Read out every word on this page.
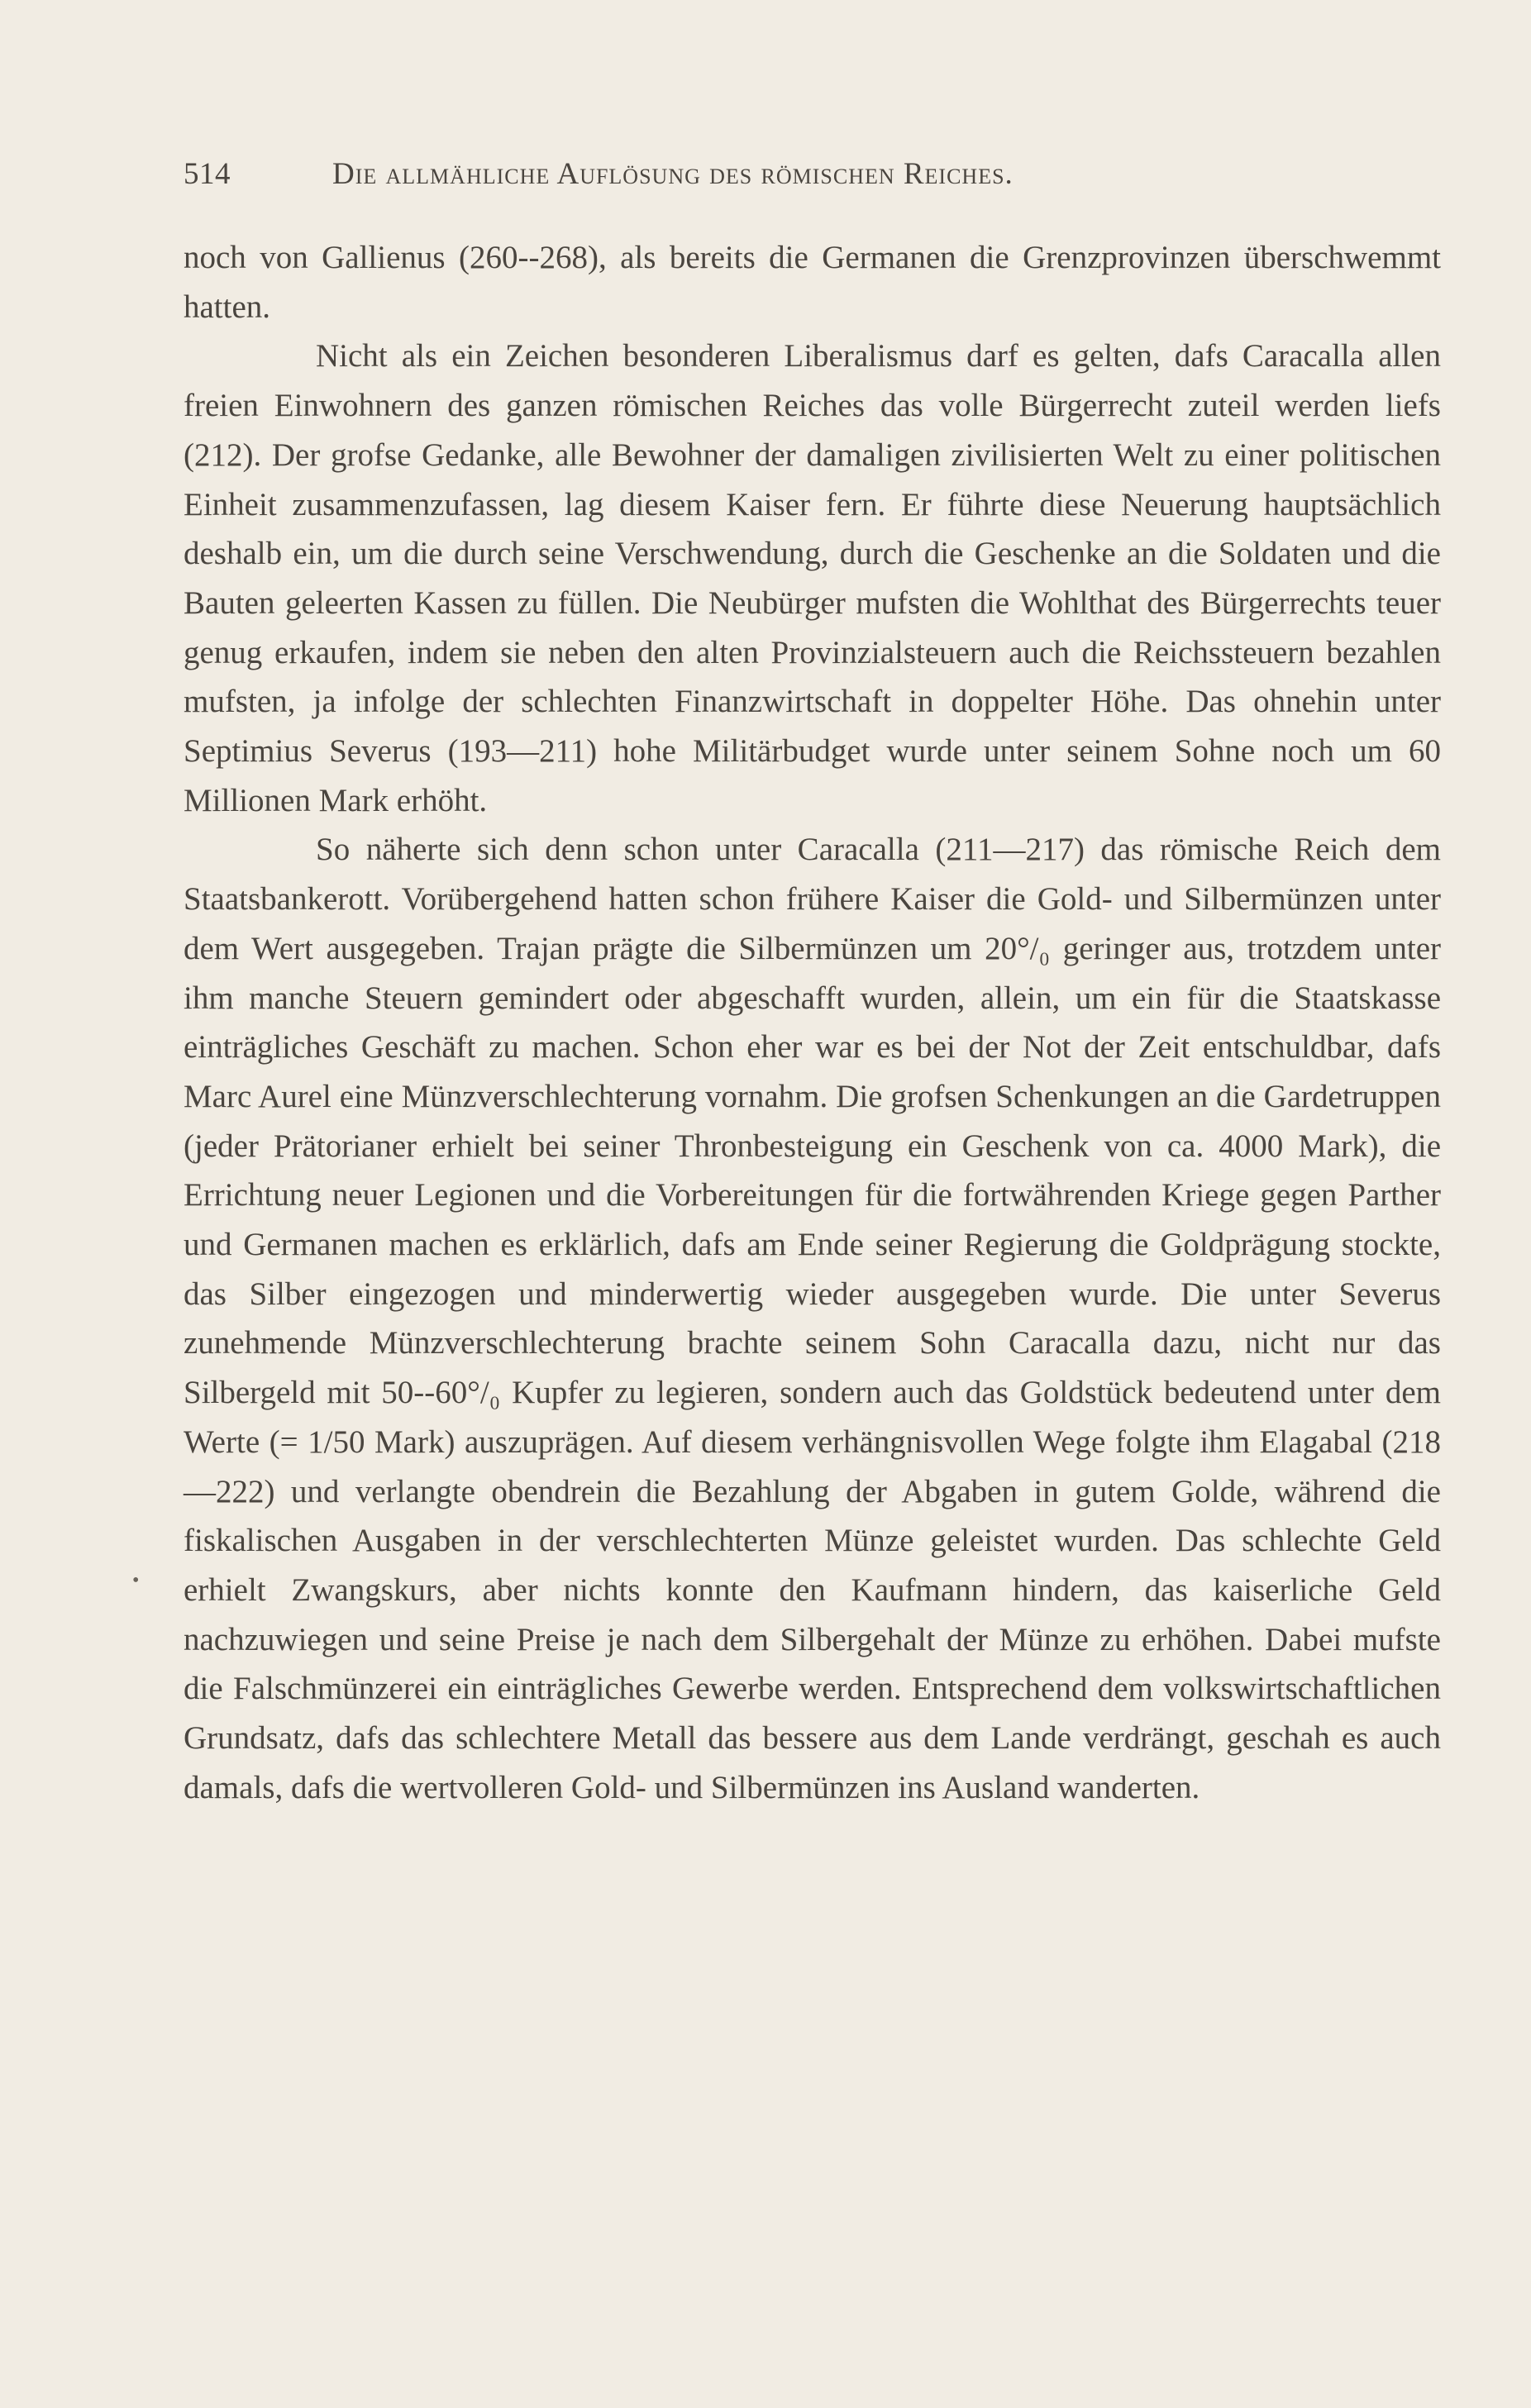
514	Die allmähliche Auflösung des römischen Reiches.

noch von Gallienus (260--268), als bereits die Germanen die Grenzprovinzen überschwemmt hatten.

Nicht als ein Zeichen besonderen Liberalismus darf es gelten, dafs Caracalla allen freien Einwohnern des ganzen römischen Reiches das volle Bürgerrecht zuteil werden liefs (212). Der grofse Gedanke, alle Bewohner der damaligen zivilisierten Welt zu einer politischen Einheit zusammenzufassen, lag diesem Kaiser fern. Er führte diese Neuerung hauptsächlich deshalb ein, um die durch seine Verschwendung, durch die Geschenke an die Soldaten und die Bauten geleerten Kassen zu füllen. Die Neubürger mufsten die Wohlthat des Bürgerrechts teuer genug erkaufen, indem sie neben den alten Provinzialsteuern auch die Reichssteuern bezahlen mufsten, ja infolge der schlechten Finanzwirtschaft in doppelter Höhe. Das ohnehin unter Septimius Severus (193—211) hohe Militärbudget wurde unter seinem Sohne noch um 60 Millionen Mark erhöht.

So näherte sich denn schon unter Caracalla (211—217) das römische Reich dem Staatsbankerott. Vorübergehend hatten schon frühere Kaiser die Gold- und Silbermünzen unter dem Wert ausgegeben. Trajan prägte die Silbermünzen um 20°/₀ geringer aus, trotzdem unter ihm manche Steuern gemindert oder abgeschafft wurden, allein, um ein für die Staatskasse einträgliches Geschäft zu machen. Schon eher war es bei der Not der Zeit entschuldbar, dafs Marc Aurel eine Münzverschlechterung vornahm. Die grofsen Schenkungen an die Gardetruppen (jeder Prätorianer erhielt bei seiner Thronbesteigung ein Geschenk von ca. 4000 Mark), die Errichtung neuer Legionen und die Vorbereitungen für die fortwährenden Kriege gegen Parther und Germanen machen es erklärlich, dafs am Ende seiner Regierung die Goldprägung stockte, das Silber eingezogen und minderwertig wieder ausgegeben wurde. Die unter Severus zunehmende Münzverschlechterung brachte seinem Sohn Caracalla dazu, nicht nur das Silbergeld mit 50--60°/₀ Kupfer zu legieren, sondern auch das Goldstück bedeutend unter dem Werte (= 1/50 Mark) auszuprägen. Auf diesem verhängnisvollen Wege folgte ihm Elagabal (218—222) und verlangte obendrein die Bezahlung der Abgaben in gutem Golde, während die fiskalischen Ausgaben in der verschlechterten Münze geleistet wurden. Das schlechte Geld erhielt Zwangskurs, aber nichts konnte den Kaufmann hindern, das kaiserliche Geld nachzuwiegen und seine Preise je nach dem Silbergehalt der Münze zu erhöhen. Dabei mufste die Falschmünzerei ein einträgliches Gewerbe werden. Entsprechend dem volkswirtschaftlichen Grundsatz, dafs das schlechtere Metall das bessere aus dem Lande verdrängt, geschah es auch damals, dafs die wertvolleren Gold- und Silbermünzen ins Ausland wanderten.

•
